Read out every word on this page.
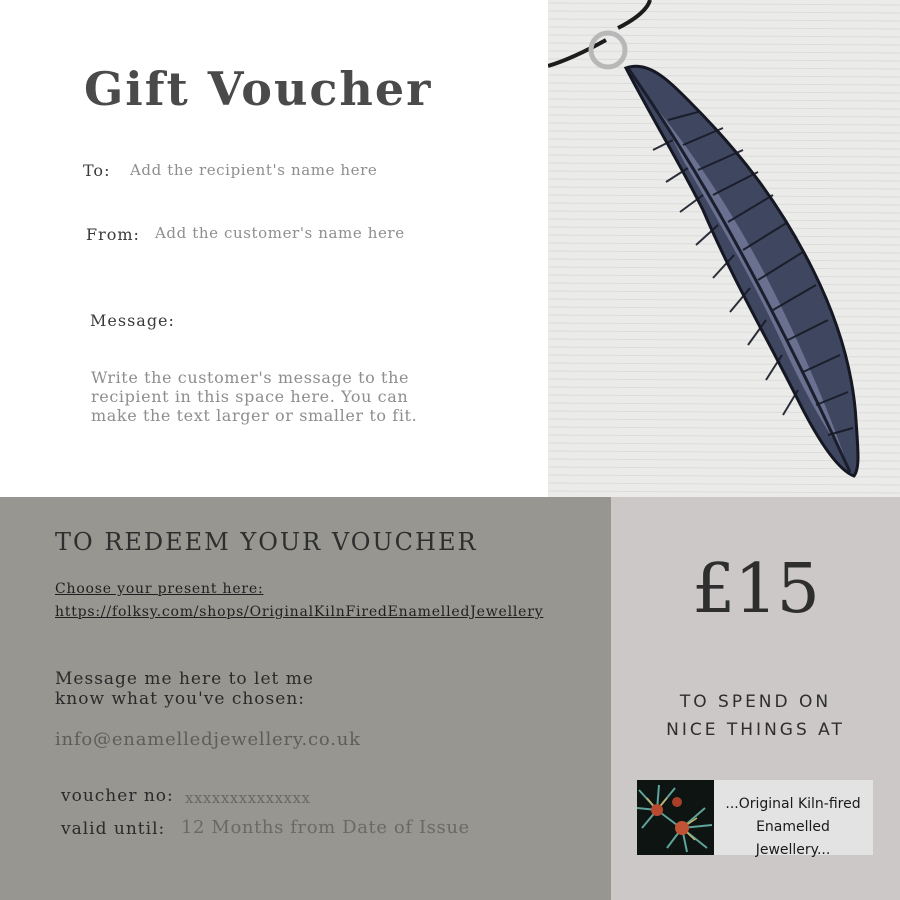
Gift Voucher
To: Add the recipient's name here
From: Add the customer's name here
Message:
Write the customer's message to the
recipient in this space here. You can
make the text larger or smaller to fit.
TO REDEEM YOUR VOUCHER
Choose your present here:
https://folksy.com/shops/OriginalKilnFiredEnamelledJewellery
Message me here to let me
know what you've chosen:
info@enamelledjewellery.co.uk
voucher no: xxxxxxxxxxxxxx
valid until: 12 Months from Date of Issue
£15
TO SPEND ON
NICE THINGS AT
...Original Kiln-fired
Enamelled Jewellery...
